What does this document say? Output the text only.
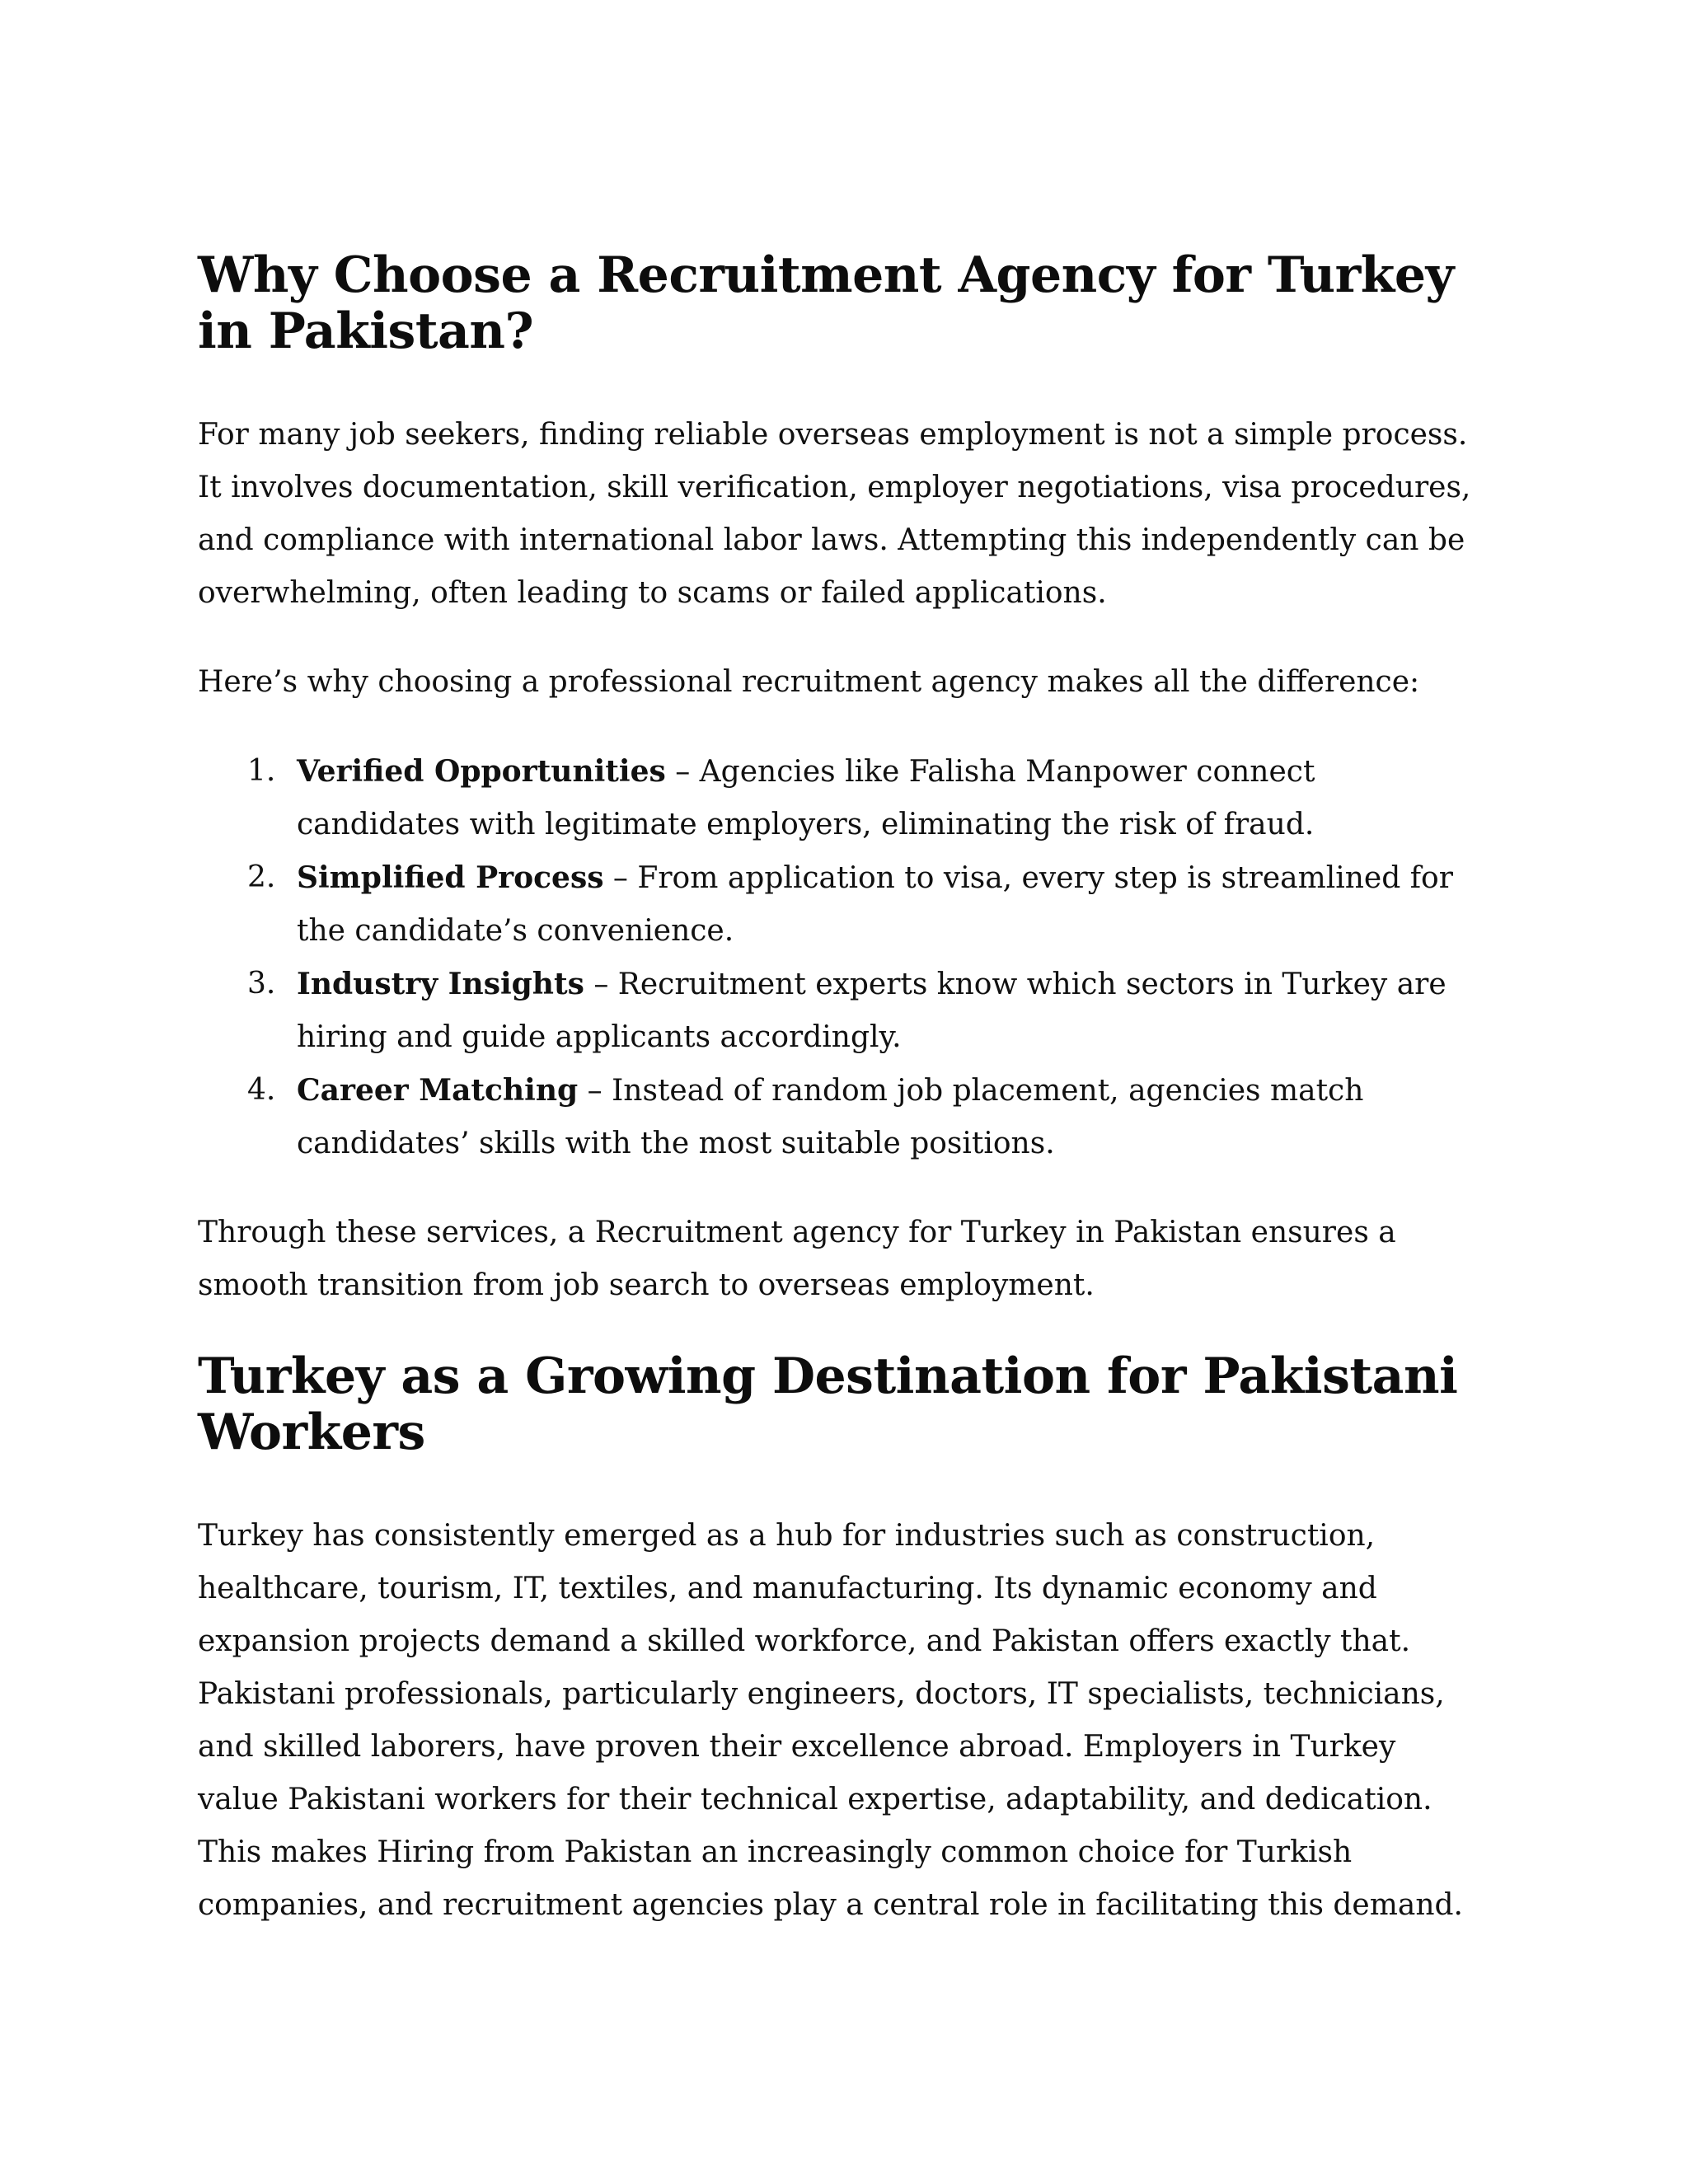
Why Choose a Recruitment Agency for Turkey in Pakistan?

For many job seekers, finding reliable overseas employment is not a simple process. It involves documentation, skill verification, employer negotiations, visa procedures, and compliance with international labor laws. Attempting this independently can be overwhelming, often leading to scams or failed applications.

Here’s why choosing a professional recruitment agency makes all the difference:

1 .	Verified Opportunities – Agencies like Falisha Manpower connect candidates with legitimate employers, eliminating the risk of fraud.
2 .	Simplified Process – From application to visa, every step is streamlined for the candidate’s convenience.
3 .	Industry Insights – Recruitment experts know which sectors in Turkey are hiring and guide applicants accordingly.
4 .	Career Matching – Instead of random job placement, agencies match candidates’ skills with the most suitable positions.

Through these services, a Recruitment agency for Turkey in Pakistan ensures a smooth transition from job search to overseas employment.

Turkey as a Growing Destination for Pakistani Workers

Turkey has consistently emerged as a hub for industries such as construction, healthcare, tourism, IT, textiles, and manufacturing. Its dynamic economy and expansion projects demand a skilled workforce, and Pakistan offers exactly that. Pakistani professionals, particularly engineers, doctors, IT specialists, technicians, and skilled laborers, have proven their excellence abroad. Employers in Turkey value Pakistani workers for their technical expertise, adaptability, and dedication. This makes Hiring from Pakistan an increasingly common choice for Turkish companies, and recruitment agencies play a central role in facilitating this demand.
